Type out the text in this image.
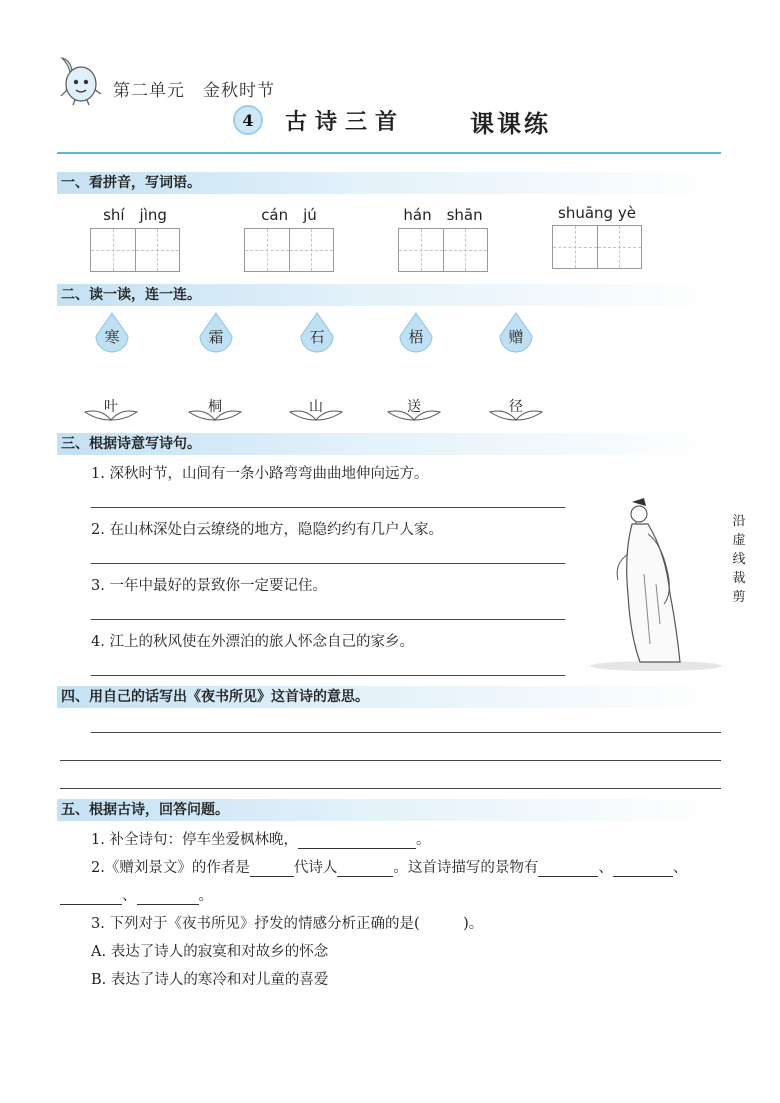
第二单元 金秋时节
4	古诗三首	课课练
一、看拼音，写词语。
shí　jìng	cán　jú	hán　shān	shuāng yè
二、读一读，连一连。
寒	霜	石	梧	赠
叶	桐	山	送	径
三、根据诗意写诗句。
1. 深秋时节，山间有一条小路弯弯曲曲地伸向远方。
2. 在山林深处白云缭绕的地方，隐隐约约有几户人家。
3. 一年中最好的景致你一定要记住。
4. 江上的秋风使在外漂泊的旅人怀念自己的家乡。
沿虚线裁剪
四、用自己的话写出《夜书所见》这首诗的意思。
五、根据古诗，回答问题。
1. 补全诗句：停车坐爱枫林晚，	。
2.《赠刘景文》的作者是	代诗人	。这首诗描写的景物有	、	、
、	。
3. 下列对于《夜书所见》抒发的情感分析正确的是(　　　)。
A. 表达了诗人的寂寞和对故乡的怀念
B. 表达了诗人的寒冷和对儿童的喜爱
